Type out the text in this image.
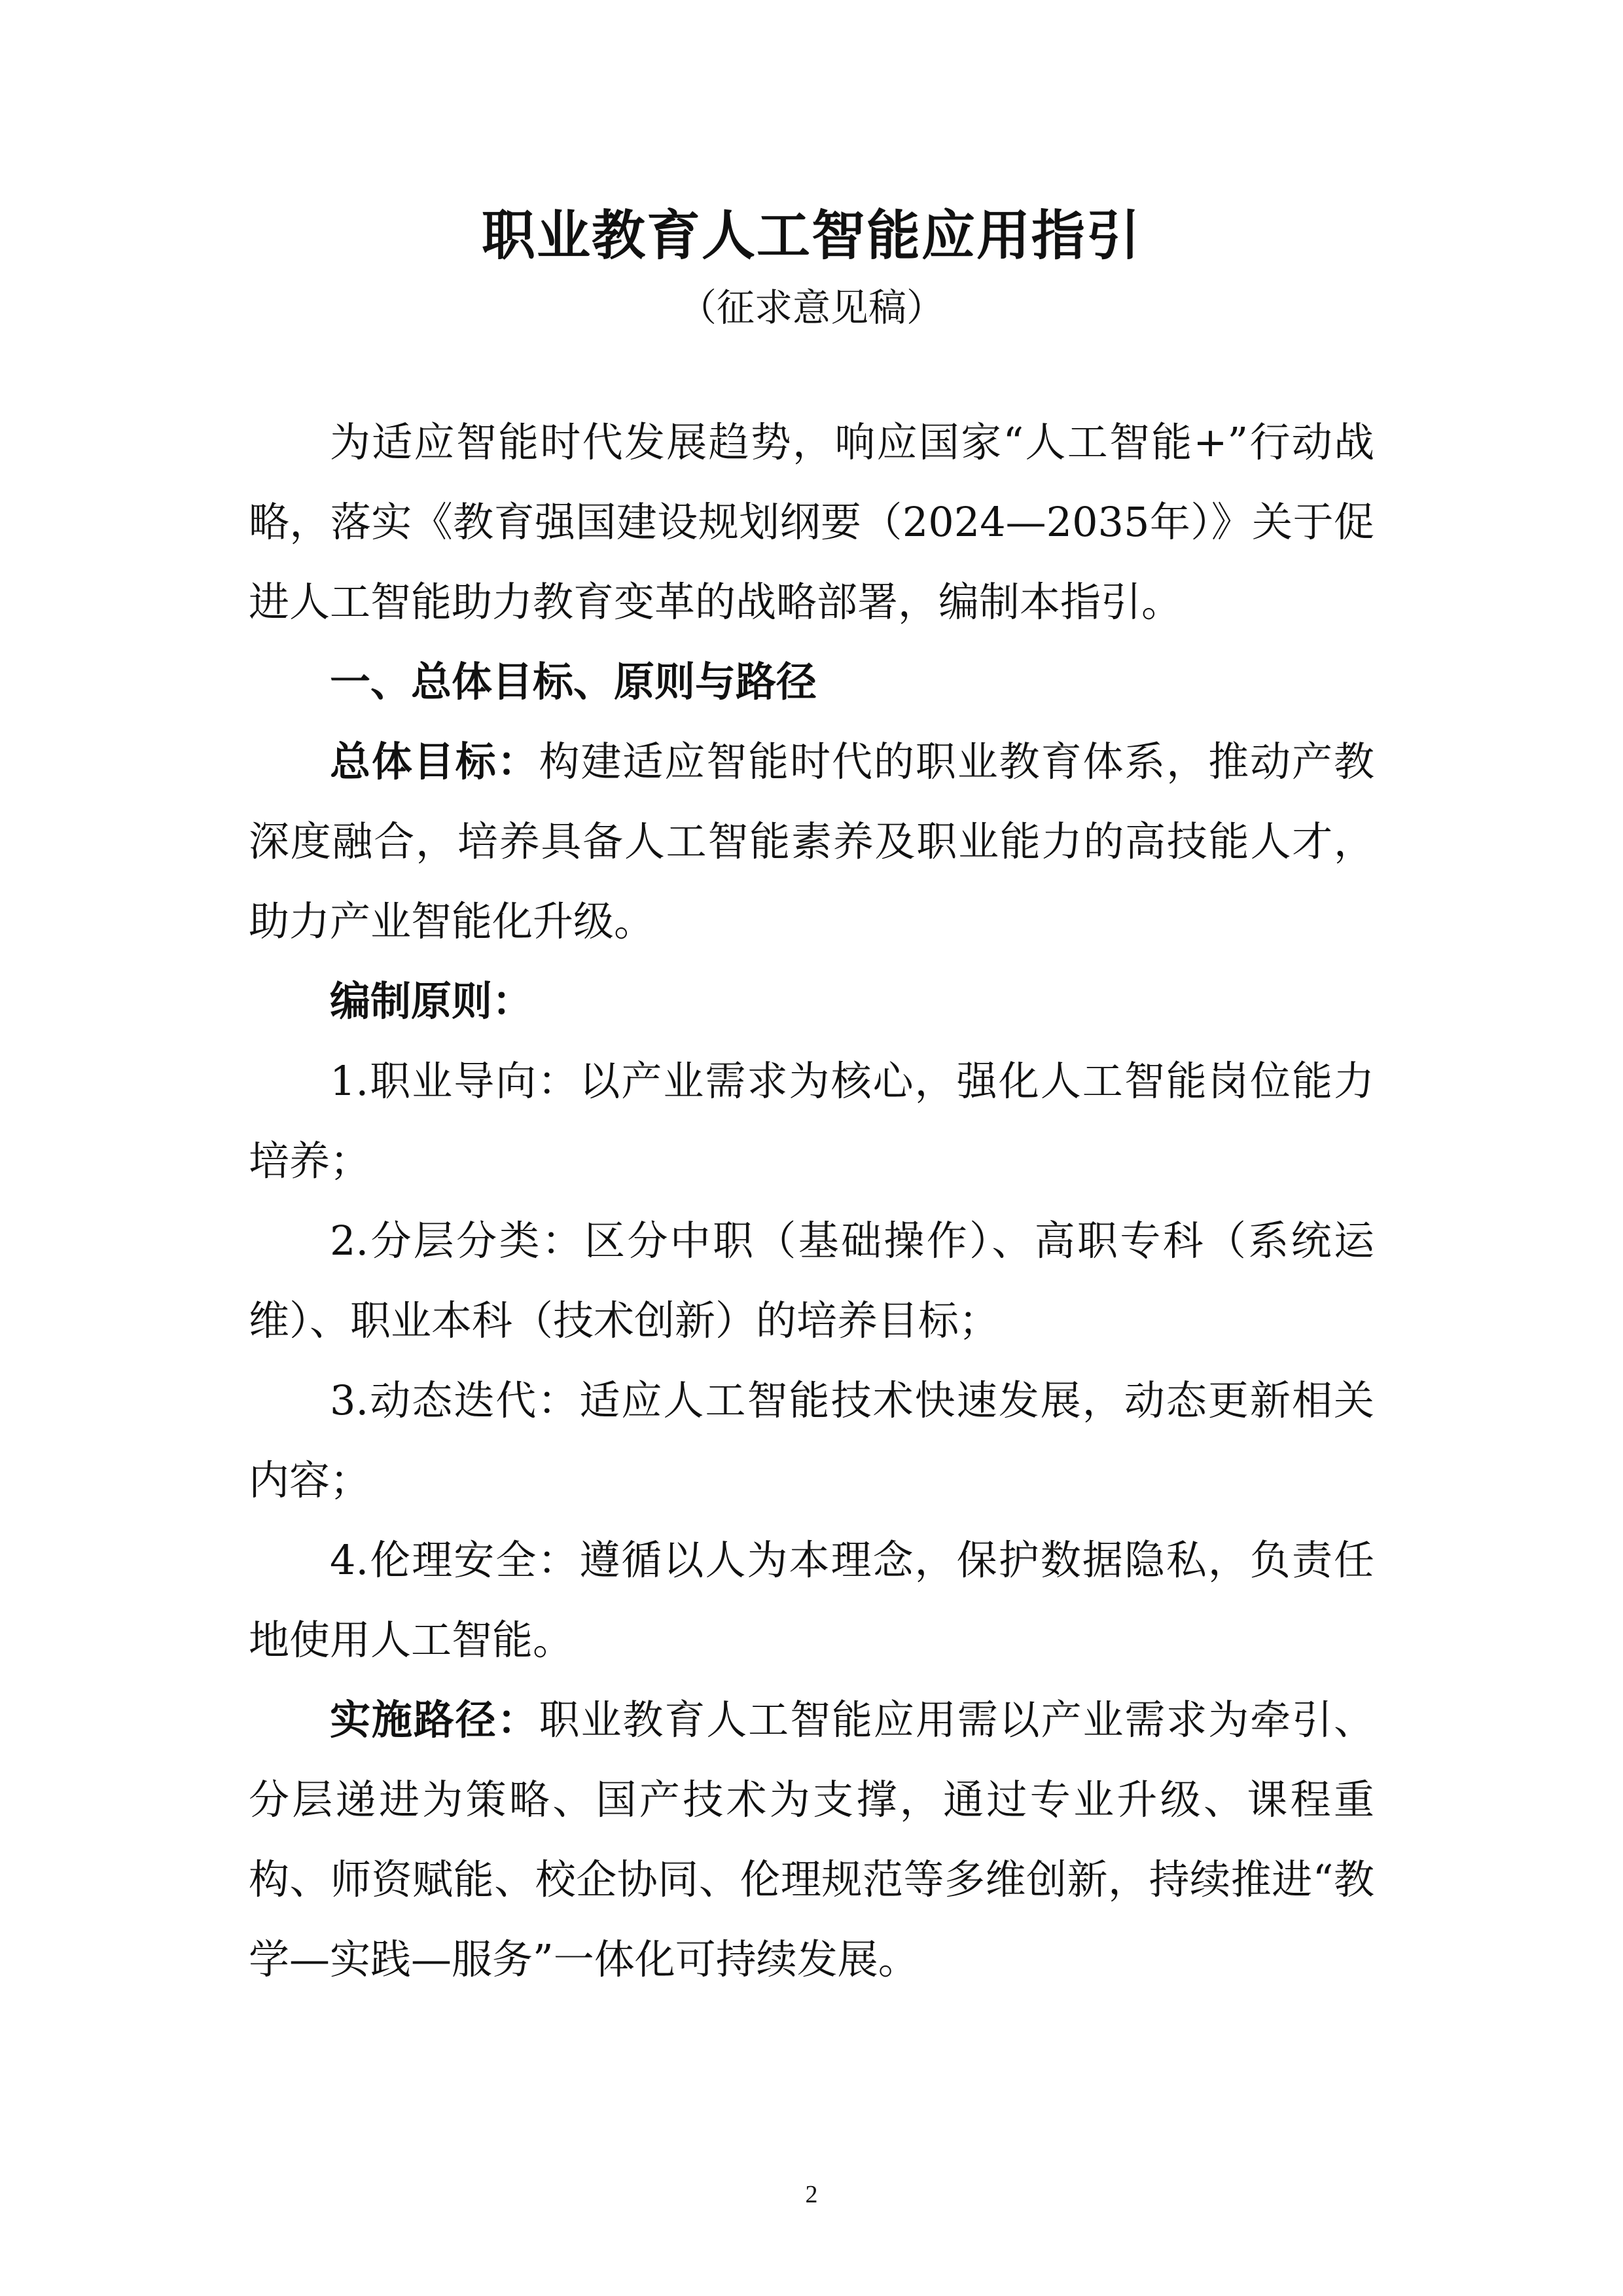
职业教育人工智能应用指引
（征求意见稿）

为适应智能时代发展趋势，响应国家“人工智能+”行动战略，落实《教育强国建设规划纲要（2024—2035年）》关于促进人工智能助力教育变革的战略部署，编制本指引。

一、总体目标、原则与路径

总体目标：构建适应智能时代的职业教育体系，推动产教深度融合，培养具备人工智能素养及职业能力的高技能人才，助力产业智能化升级。

编制原则：

1.职业导向：以产业需求为核心，强化人工智能岗位能力培养；

2.分层分类：区分中职（基础操作）、高职专科（系统运维）、职业本科（技术创新）的培养目标；

3.动态迭代：适应人工智能技术快速发展，动态更新相关内容；

4.伦理安全：遵循以人为本理念，保护数据隐私，负责任地使用人工智能。

实施路径：职业教育人工智能应用需以产业需求为牵引、分层递进为策略、国产技术为支撑，通过专业升级、课程重构、师资赋能、校企协同、伦理规范等多维创新，持续推进“教学—实践—服务”一体化可持续发展。

2
